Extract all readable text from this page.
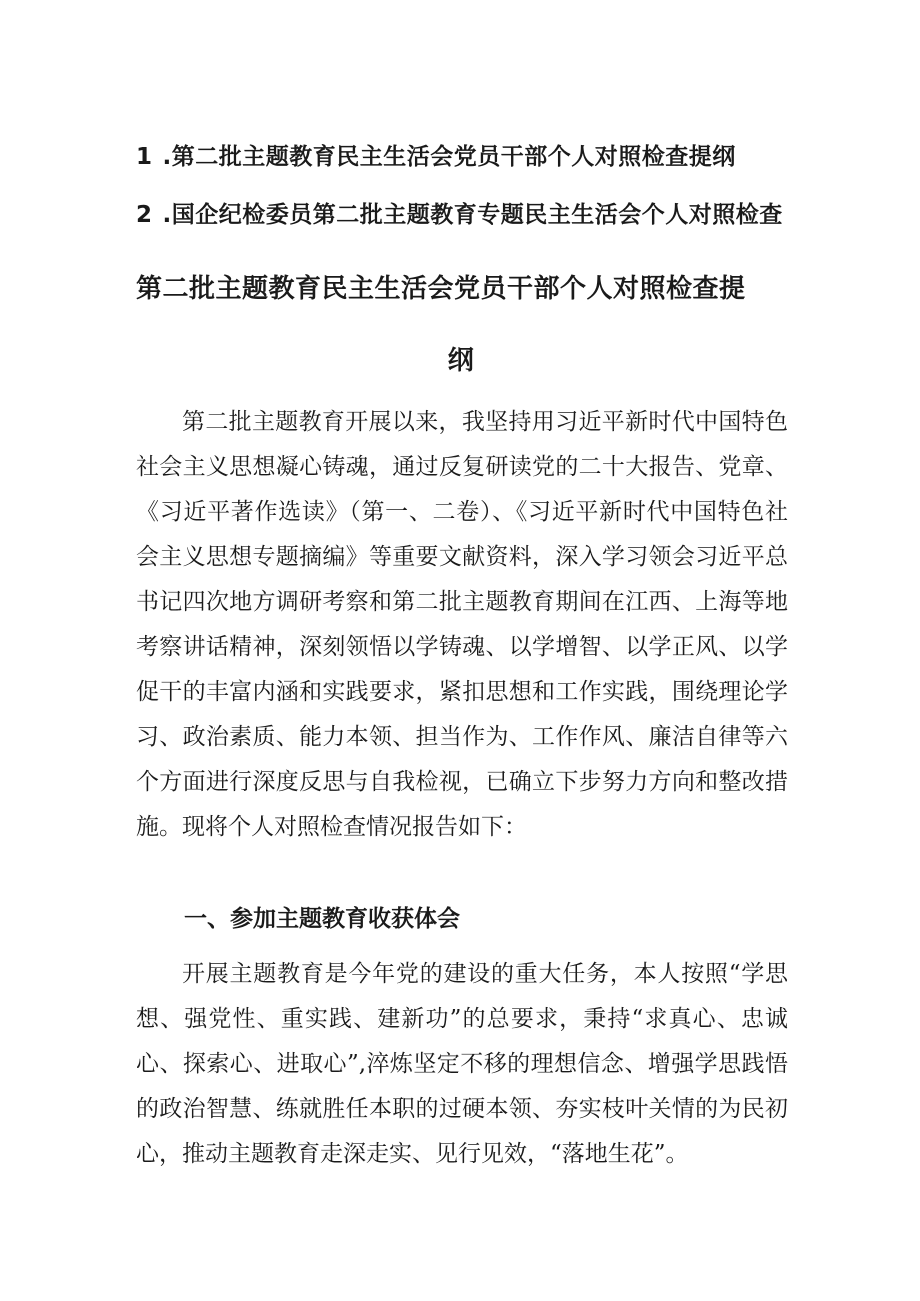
1 .第二批主题教育民主生活会党员干部个人对照检查提纲
2 .国企纪检委员第二批主题教育专题民主生活会个人对照检查
第二批主题教育民主生活会党员干部个人对照检查提
纲

第二批主题教育开展以来，我坚持用习近平新时代中国特色社会主义思想凝心铸魂，通过反复研读党的二十大报告、党章、《习近平著作选读》（第一、二卷）、《习近平新时代中国特色社会主义思想专题摘编》等重要文献资料，深入学习领会习近平总书记四次地方调研考察和第二批主题教育期间在江西、上海等地考察讲话精神，深刻领悟以学铸魂、以学增智、以学正风、以学促干的丰富内涵和实践要求，紧扣思想和工作实践，围绕理论学习、政治素质、能力本领、担当作为、工作作风、廉洁自律等六个方面进行深度反思与自我检视，已确立下步努力方向和整改措施。现将个人对照检查情况报告如下：

一、参加主题教育收获体会

开展主题教育是今年党的建设的重大任务，本人按照“学思想、强党性、重实践、建新功”的总要求，秉持“求真心、忠诚心、探索心、进取心”,淬炼坚定不移的理想信念、增强学思践悟的政治智慧、练就胜任本职的过硬本领、夯实枝叶关情的为民初心，推动主题教育走深走实、见行见效，“落地生花”。
